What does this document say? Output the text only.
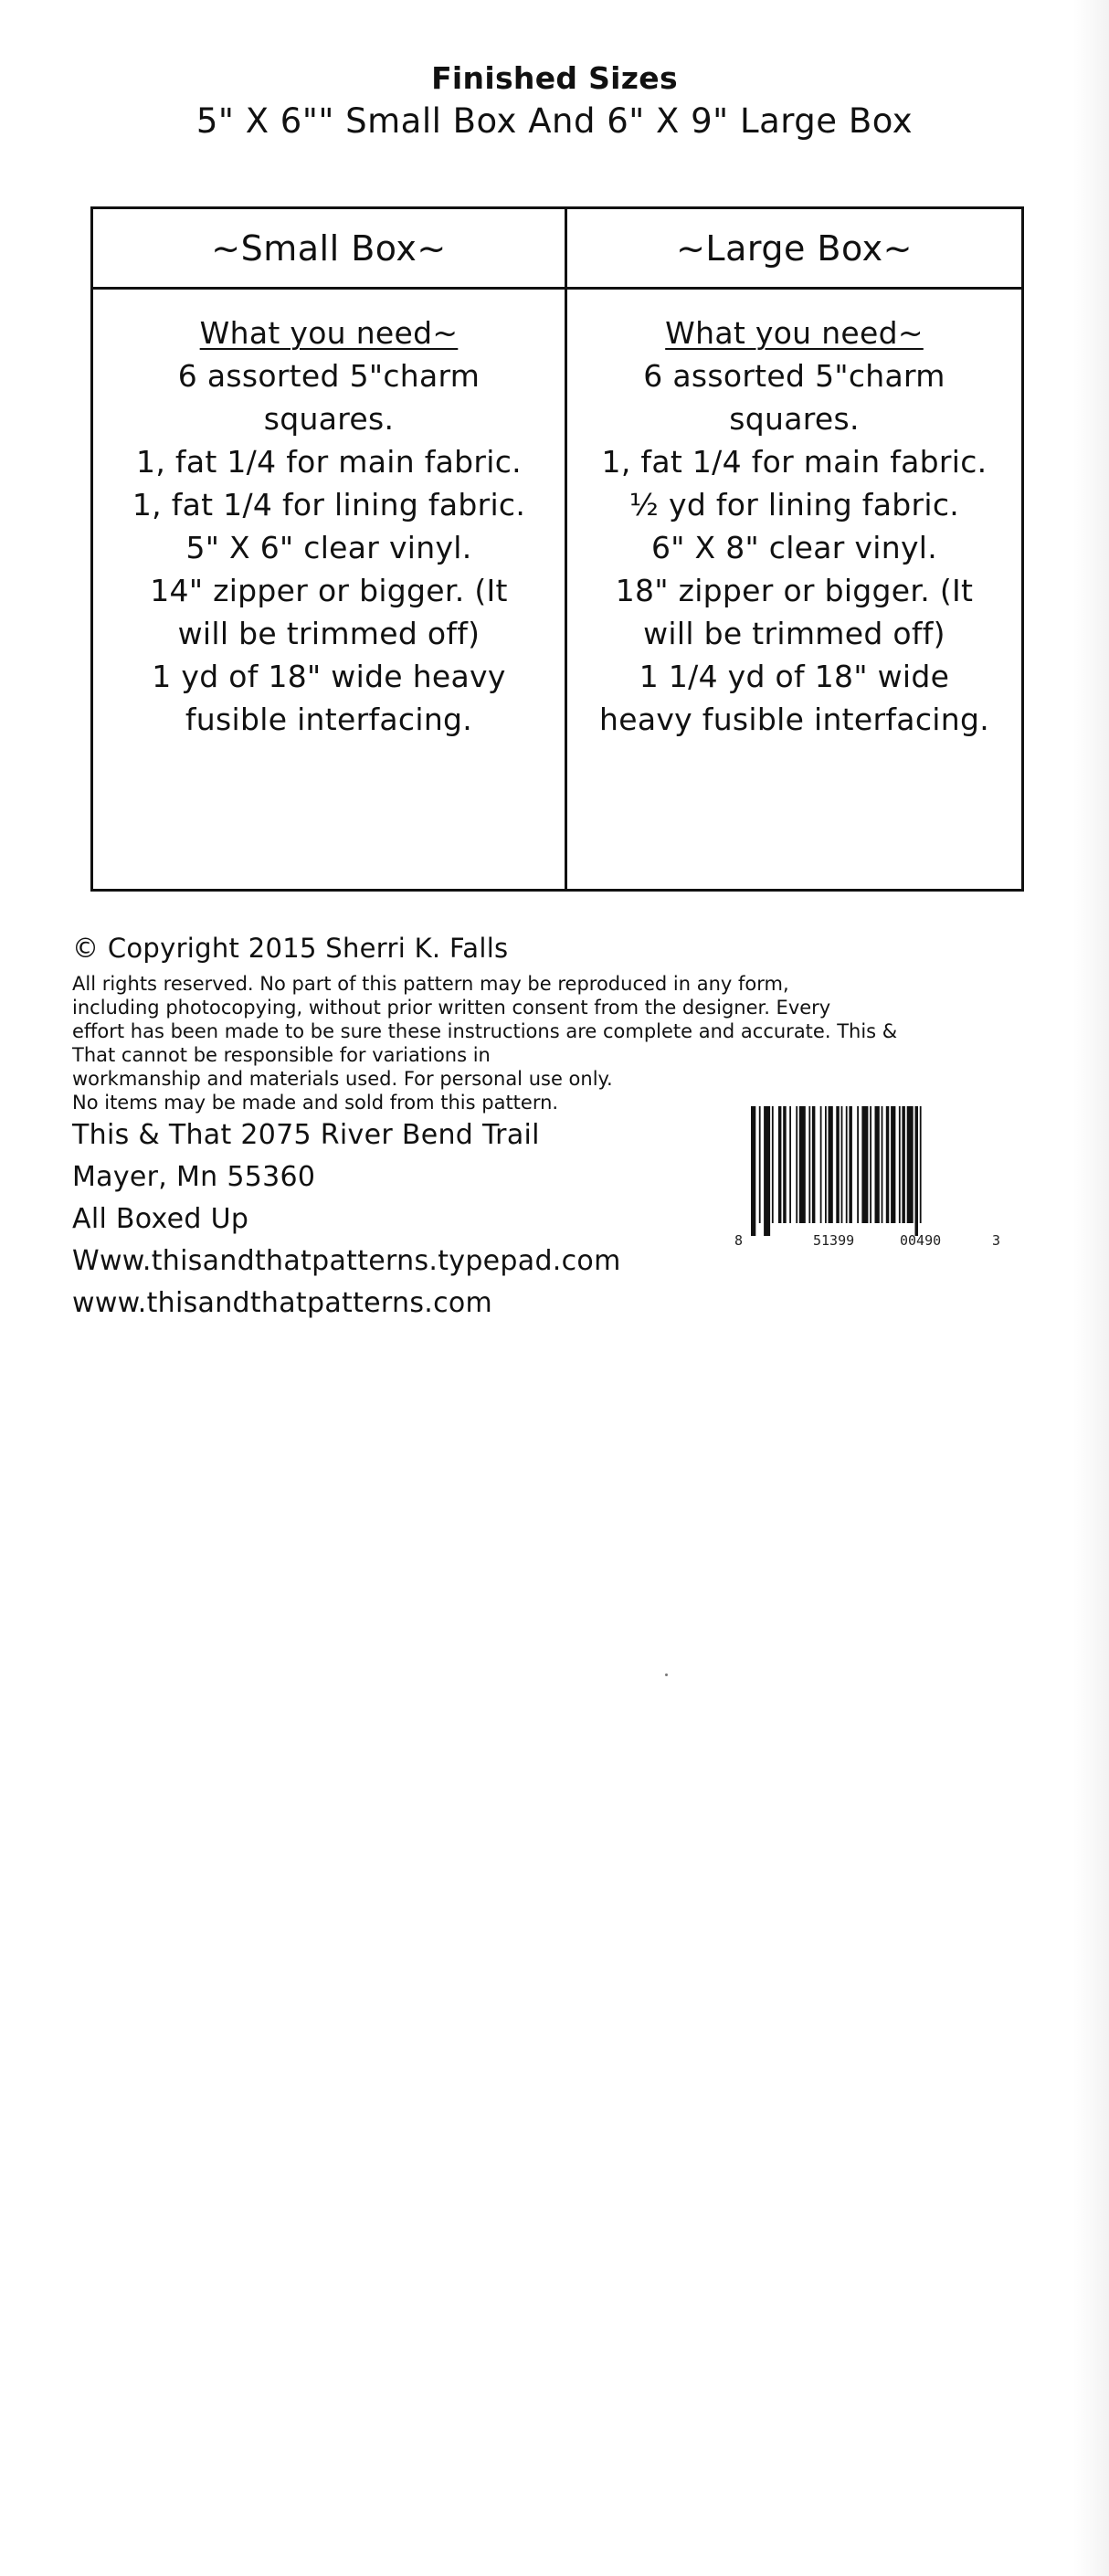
Finished Sizes
5" X 6"" Small Box And 6" X 9" Large Box
~Small Box~	~Large Box~
What you need~
6 assorted 5"charm
squares.
1, fat 1/4 for main fabric.
1, fat 1/4 for lining fabric.
5" X 6" clear vinyl.
14" zipper or bigger. (It
will be trimmed off)
1 yd of 18" wide heavy
fusible interfacing.
What you need~
6 assorted 5"charm
squares.
1, fat 1/4 for main fabric.
½ yd for lining fabric.
6" X 8" clear vinyl.
18" zipper or bigger. (It
will be trimmed off)
1 1/4 yd of 18" wide
heavy fusible interfacing.
© Copyright 2015 Sherri K. Falls
All rights reserved. No part of this pattern may be reproduced in any form,
including photocopying, without prior written consent from the designer. Every
effort has been made to be sure these instructions are complete and accurate. This &
That cannot be responsible for variations in
workmanship and materials used. For personal use only.
No items may be made and sold from this pattern.
This & That 2075 River Bend Trail
Mayer, Mn 55360
All Boxed Up
Www.thisandthatpatterns.typepad.com
www.thisandthatpatterns.com
8	51399	00490	3
